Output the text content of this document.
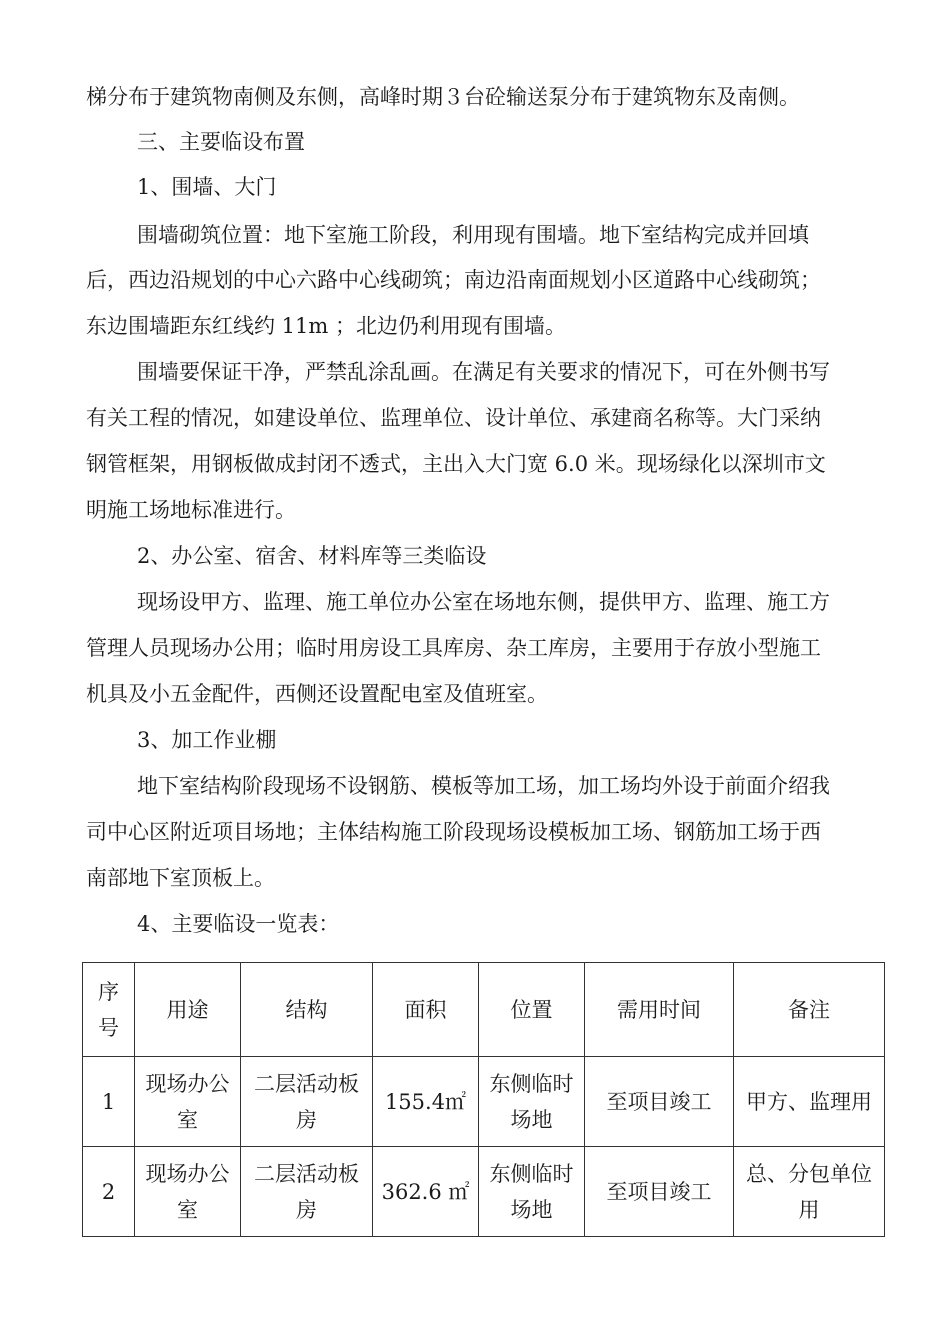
梯分布于建筑物南侧及东侧，高峰时期３台砼输送泵分布于建筑物东及南侧。
三、主要临设布置
1、围墙、大门
围墙砌筑位置：地下室施工阶段，利用现有围墙。地下室结构完成并回填
后，西边沿规划的中心六路中心线砌筑；南边沿南面规划小区道路中心线砌筑；
东边围墙距东红线约 11m ；北边仍利用现有围墙。
围墙要保证干净，严禁乱涂乱画。在满足有关要求的情况下，可在外侧书写
有关工程的情况，如建设单位、监理单位、设计单位、承建商名称等。大门采纳
钢管框架，用钢板做成封闭不透式，主出入大门宽 6.0 米。现场绿化以深圳市文
明施工场地标准进行。
2、办公室、宿舍、材料库等三类临设
现场设甲方、监理、施工单位办公室在场地东侧，提供甲方、监理、施工方
管理人员现场办公用；临时用房设工具库房、杂工库房，主要用于存放小型施工
机具及小五金配件，西侧还设置配电室及值班室。
3、加工作业棚
地下室结构阶段现场不设钢筋、模板等加工场，加工场均外设于前面介绍我
司中心区附近项目场地；主体结构施工阶段现场设模板加工场、钢筋加工场于西
南部地下室顶板上。
4、主要临设一览表：
序号	用途	结构	面积	位置	需用时间	备注
1	现场办公室	二层活动板房	155.4㎡	东侧临时场地	至项目竣工	甲方、监理用
2	现场办公室	二层活动板房	362.6 ㎡	东侧临时场地	至项目竣工	总、分包单位用
